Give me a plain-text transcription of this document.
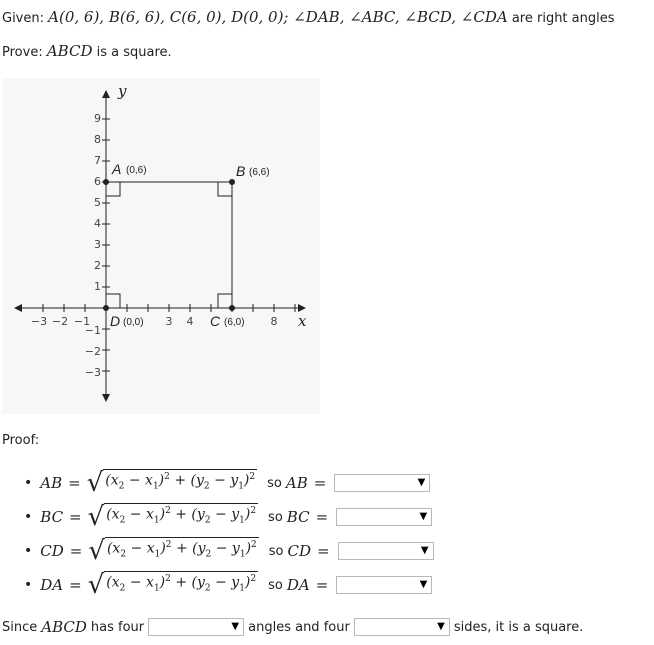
Given: A(0, 6), B(6, 6), C(6, 0), D(0, 0); ∠DAB, ∠ABC, ∠BCD, ∠CDA are right angles
Prove: ABCD is a square.
x
y
−3 −2 −1	3 4	8
9
8
7
6
5
4
3
2
1
−1
−2
−3
A (0,6)	B (6,6)
C (6,0)
D (0,0)
Proof:
• AB = √ $(x_2 - x_1)^2 + (y_2 - y_1)^2$ so AB =	▼
• BC = √ $(x_2 - x_1)^2 + (y_2 - y_1)^2$ so BC =	▼
• CD = √ $(x_2 - x_1)^2 + (y_2 - y_1)^2$ so CD =	▼
• DA = √ $(x_2 - x_1)^2 + (y_2 - y_1)^2$ so DA =	▼
Since ABCD has four	▼ angles and four	▼ sides, it is a square.
